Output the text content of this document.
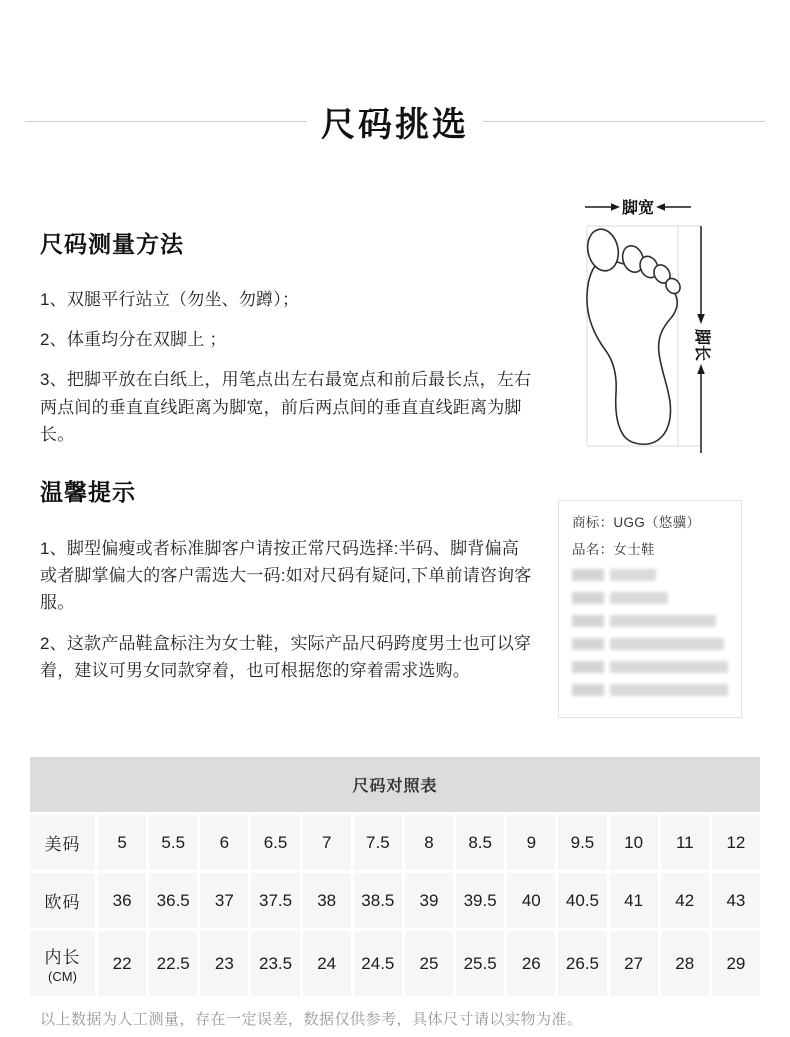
尺码挑选
尺码测量方法
1、双腿平行站立（勿坐、勿蹲）；
2、体重均分在双脚上 ；
3、把脚平放在白纸上，用笔点出左右最宽点和前后最长点，左右两点间的垂直直线距离为脚宽，前后两点间的垂直直线距离为脚长。
脚宽
脚长
温馨提示
1、脚型偏瘦或者标准脚客户请按正常尺码选择:半码、脚背偏高或者脚掌偏大的客户需选大一码:如对尺码有疑问,下单前请咨询客服。
2、这款产品鞋盒标注为女士鞋，实际产品尺码跨度男士也可以穿着，建议可男女同款穿着，也可根据您的穿着需求选购。
商标：UGG（悠骥）
品名：女士鞋
尺码对照表
美码	5	5.5	6	6.5	7	7.5	8	8.5	9	9.5	10	11	12
欧码	36	36.5	37	37.5	38	38.5	39	39.5	40	40.5	41	42	43
内长
(CM)
22	22.5	23	23.5	24	24.5	25	25.5	26	26.5	27	28	29
以上数据为人工测量，存在一定误差，数据仅供参考，具体尺寸请以实物为准。
